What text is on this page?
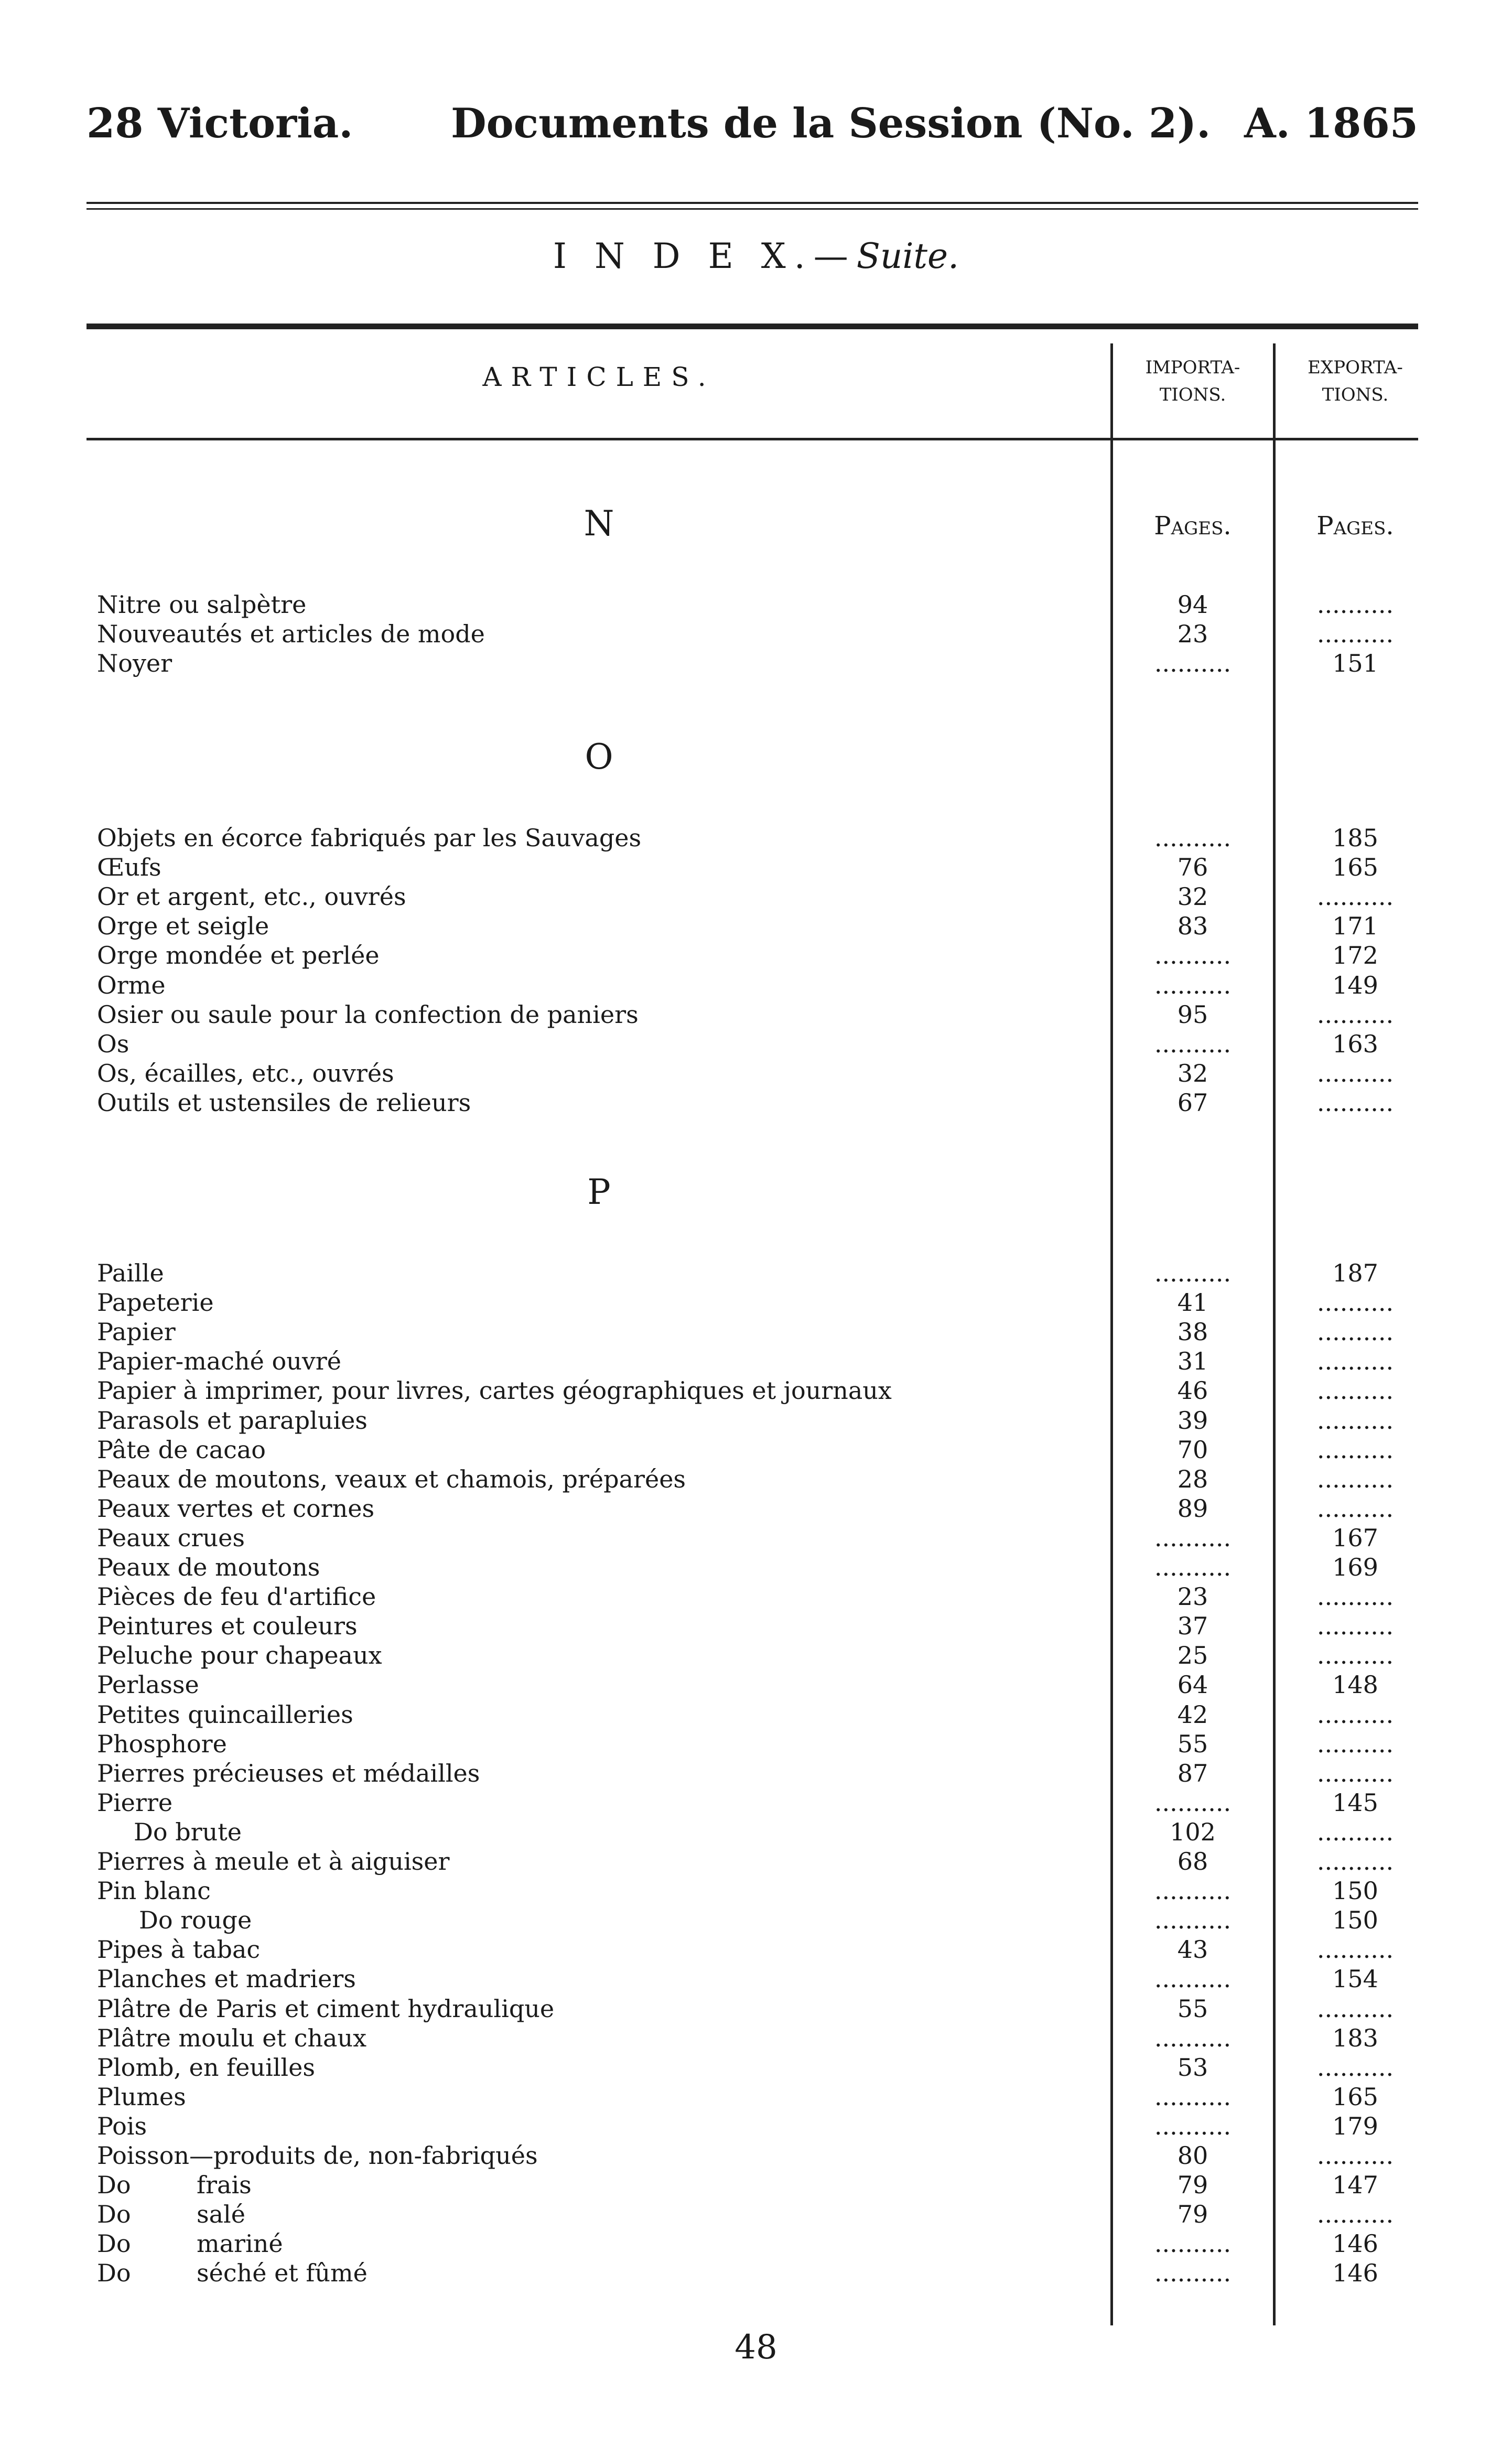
28 Victoria. Documents de la Session (No. 2). A. 1865
I N D E X.—Suite.
ARTICLES.	IMPORTA-
TIONS.
EXPORTA-
TIONS.
Pages.	Pages.
N
O
P
Nitre ou salpètre .....	94	..........
Nouveautés et articles de mode .....	23	..........
Noyer .....	..........	151
Objets en écorce fabriqués par les Sauvages .....	..........	185
Œufs .....	76	165
Or et argent, etc., ouvrés .....	32	..........
Orge et seigle .....	83	171
Orge mondée et perlée .....	..........	172
Orme .....	..........	149
Osier ou saule pour la confection de paniers .....	95	..........
Os .....	..........	163
Os, écailles, etc., ouvrés .....	32	..........
Outils et ustensiles de relieurs .....	67	..........
Paille .....	..........	187
Papeterie .....	41	..........
Papier .....	38	..........
Papier-maché ouvré .....	31	..........
Papier à imprimer, pour livres, cartes géographiques et journaux .....	46	..........
Parasols et parapluies .....	39	..........
Pâte de cacao .....	70	..........
Peaux de moutons, veaux et chamois, préparées .....	28	..........
Peaux vertes et cornes .....	89	..........
Peaux crues .....	..........	167
Peaux de moutons .....	..........	169
Pièces de feu d'artifice .....	23	..........
Peintures et couleurs .....	37	..........
Peluche pour chapeaux .....	25	..........
Perlasse .....	64	148
Petites quincailleries .....	42	..........
Phosphore .....	55	..........
Pierres précieuses et médailles .....	87	..........
Pierre .....	..........	145
Do brute .....	102	..........
Pierres à meule et à aiguiser .....	68	..........
Pin blanc .....	..........	150
Do rouge .....	..........	150
Pipes à tabac .....	43	..........
Planches et madriers .....	..........	154
Plâtre de Paris et ciment hydraulique .....	55	..........
Plâtre moulu et chaux .....	..........	183
Plomb, en feuilles .....	53	..........
Plumes .....	..........	165
Pois .....	..........	179
Poisson—produits de, non-fabriqués .....	80	..........
Do	frais .....	79	147
Do	salé .....	79	..........
Do	mariné .....	..........	146
Do	séché et fûmé .....	..........	146
48
